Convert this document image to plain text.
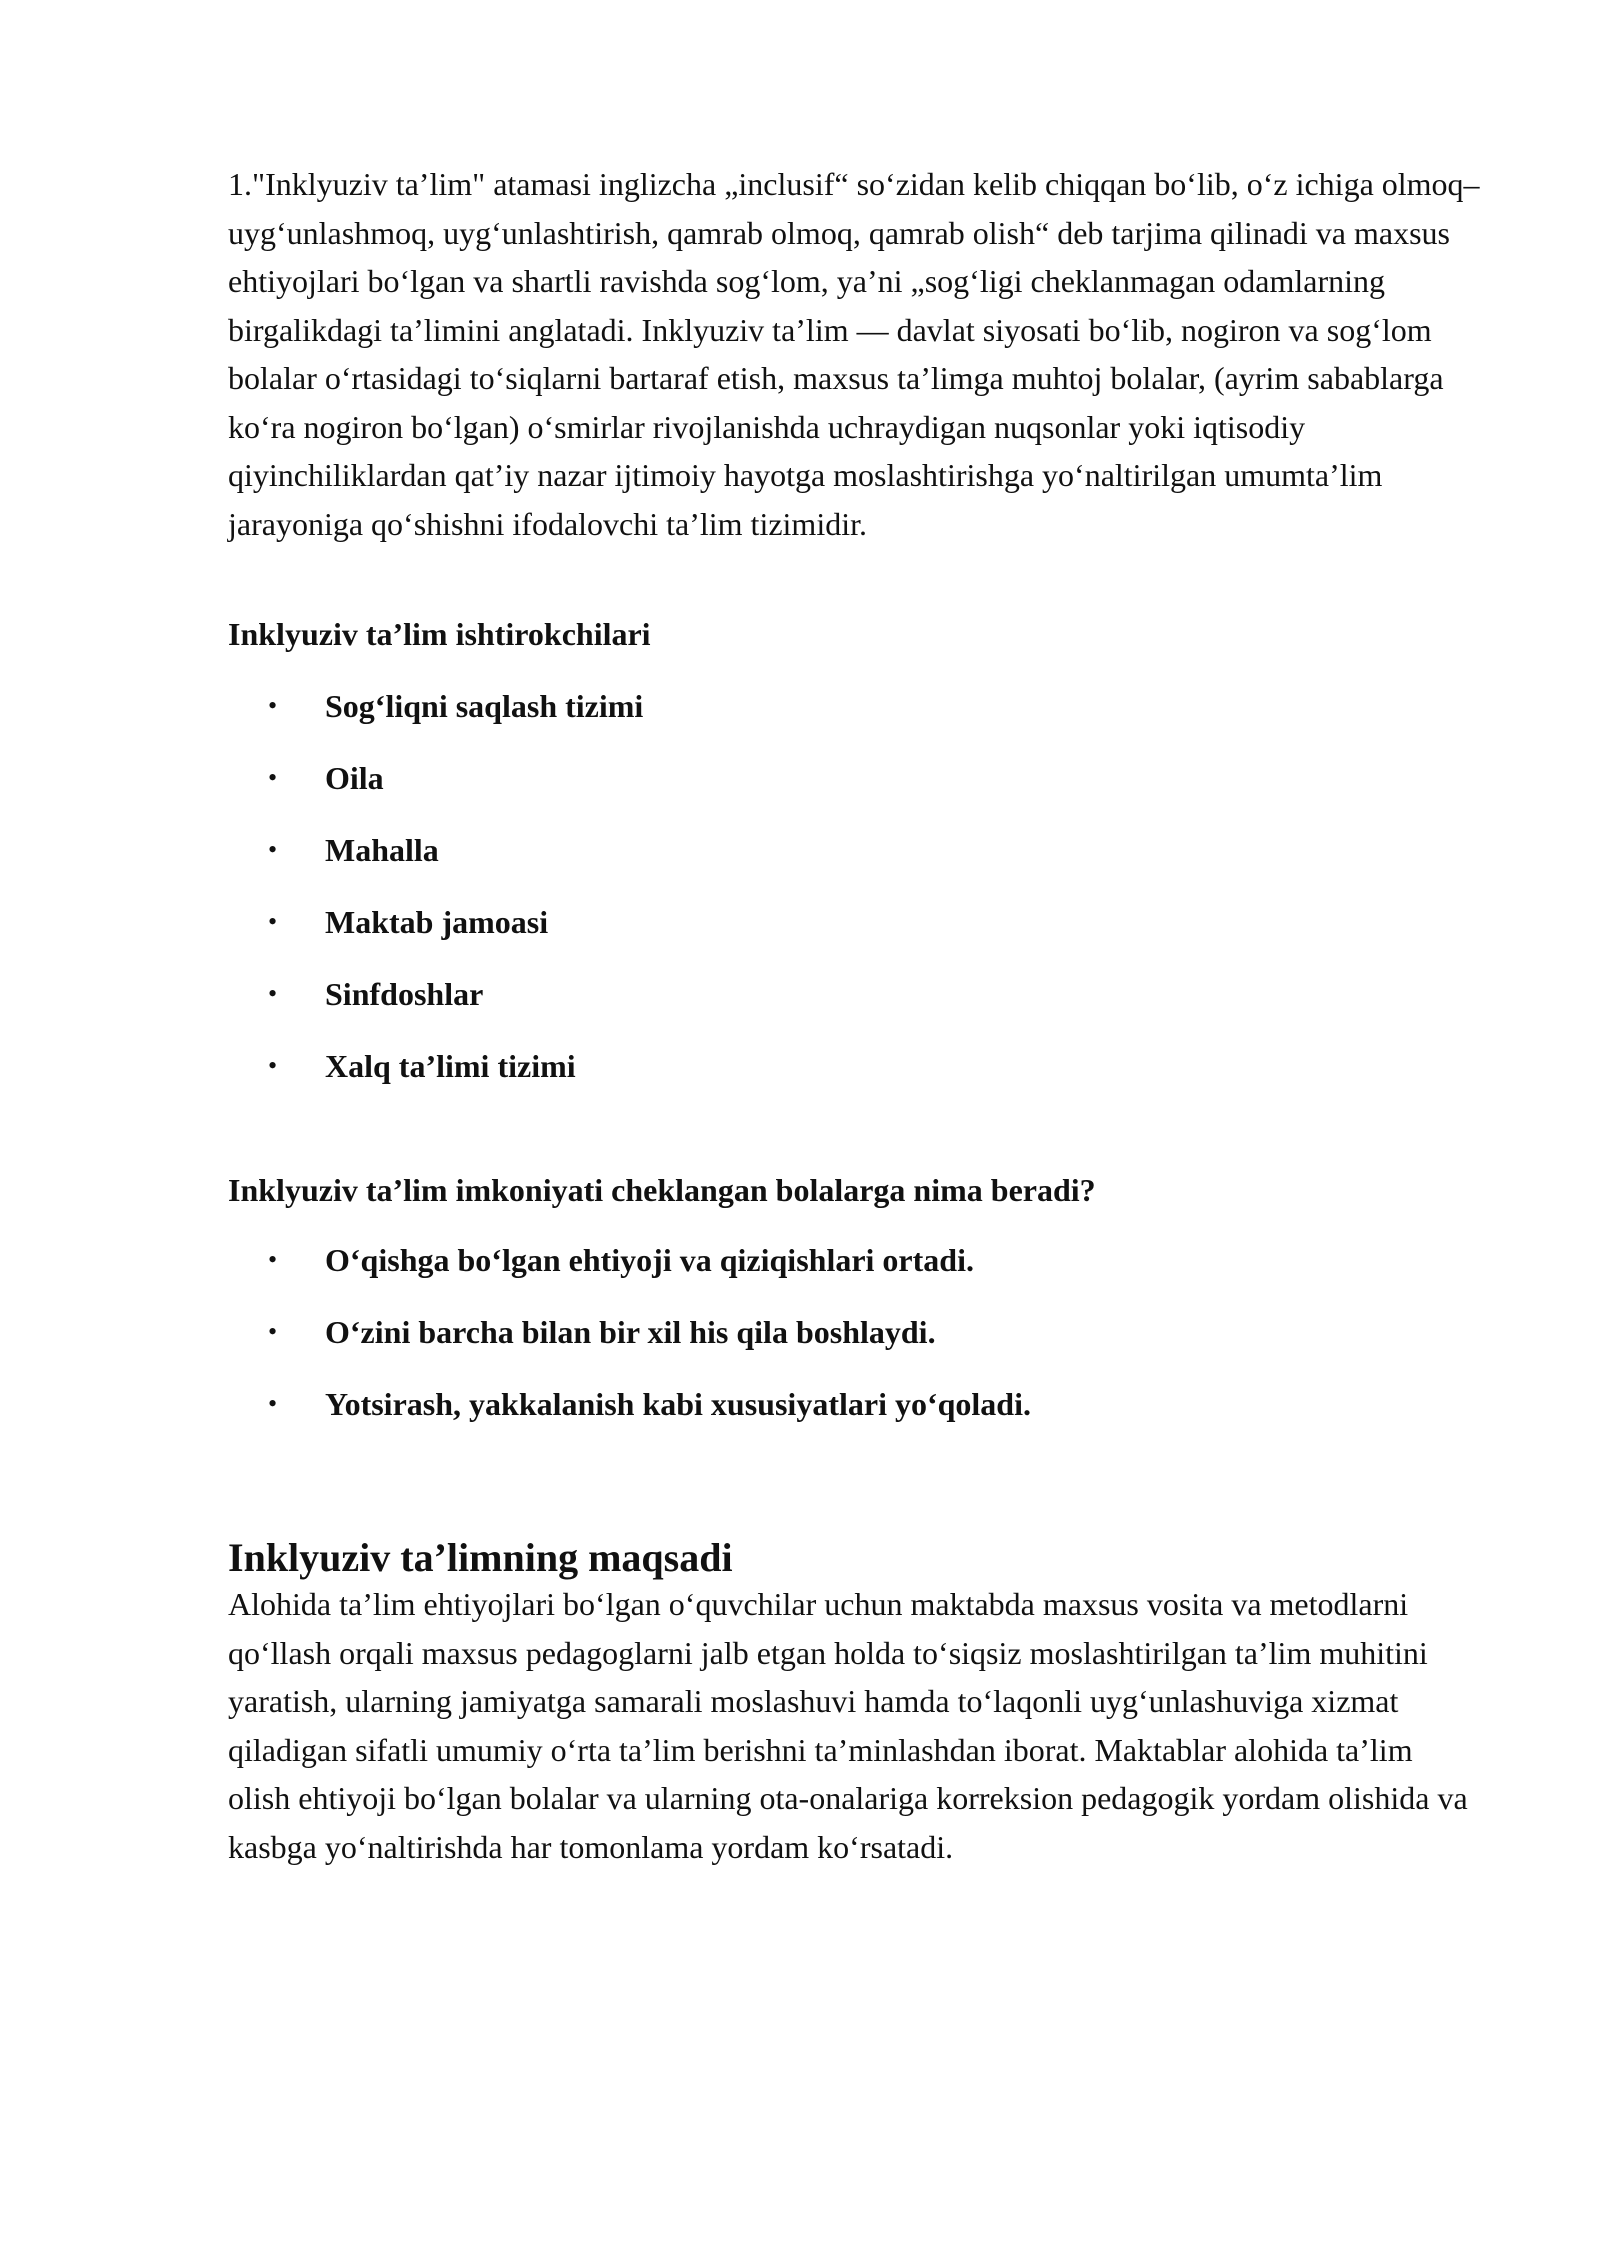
1."Inklyuziv ta’lim" atamasi inglizcha „inclusif“ so‘zidan kelib chiqqan bo‘lib, o‘z ichiga olmoq–uyg‘unlashmoq, uyg‘unlashtirish, qamrab olmoq, qamrab olish“ deb tarjima qilinadi va maxsus ehtiyojlari bo‘lgan va shartli ravishda sog‘lom, ya’ni „sog‘ligi cheklanmagan odamlarning birgalikdagi ta’limini anglatadi. Inklyuziv ta’lim — davlat siyosati bo‘lib, nogiron va sog‘lom bolalar o‘rtasidagi to‘siqlarni bartaraf etish, maxsus ta’limga muhtoj bolalar, (ayrim sabablarga ko‘ra nogiron bo‘lgan) o‘smirlar rivojlanishda uchraydigan nuqsonlar yoki iqtisodiy qiyinchiliklardan qat’iy nazar ijtimoiy hayotga moslashtirishga yo‘naltirilgan umumta’lim jarayoniga qo‘shishni ifodalovchi ta’lim tizimidir.

Inklyuziv ta’lim ishtirokchilari
• Sog‘liqni saqlash tizimi
• Oila
• Mahalla
• Maktab jamoasi
• Sinfdoshlar
• Xalq ta’limi tizimi
Inklyuziv ta’lim imkoniyati cheklangan bolalarga nima beradi?
• O‘qishga bo‘lgan ehtiyoji va qiziqishlari ortadi.
• O‘zini barcha bilan bir xil his qila boshlaydi.
• Yotsirash, yakkalanish kabi xususiyatlari yo‘qoladi.
Inklyuziv ta’limning maqsadi

Alohida ta’lim ehtiyojlari bo‘lgan o‘quvchilar uchun maktabda maxsus vosita va metodlarni qo‘llash orqali maxsus pedagoglarni jalb etgan holda to‘siqsiz moslashtirilgan ta’lim muhitini yaratish, ularning jamiyatga samarali moslashuvi hamda to‘laqonli uyg‘unlashuviga xizmat qiladigan sifatli umumiy o‘rta ta’lim berishni ta’minlashdan iborat. Maktablar alohida ta’lim olish ehtiyoji bo‘lgan bolalar va ularning ota-onalariga korreksion pedagogik yordam olishida va kasbga yo‘naltirishda har tomonlama yordam ko‘rsatadi.
